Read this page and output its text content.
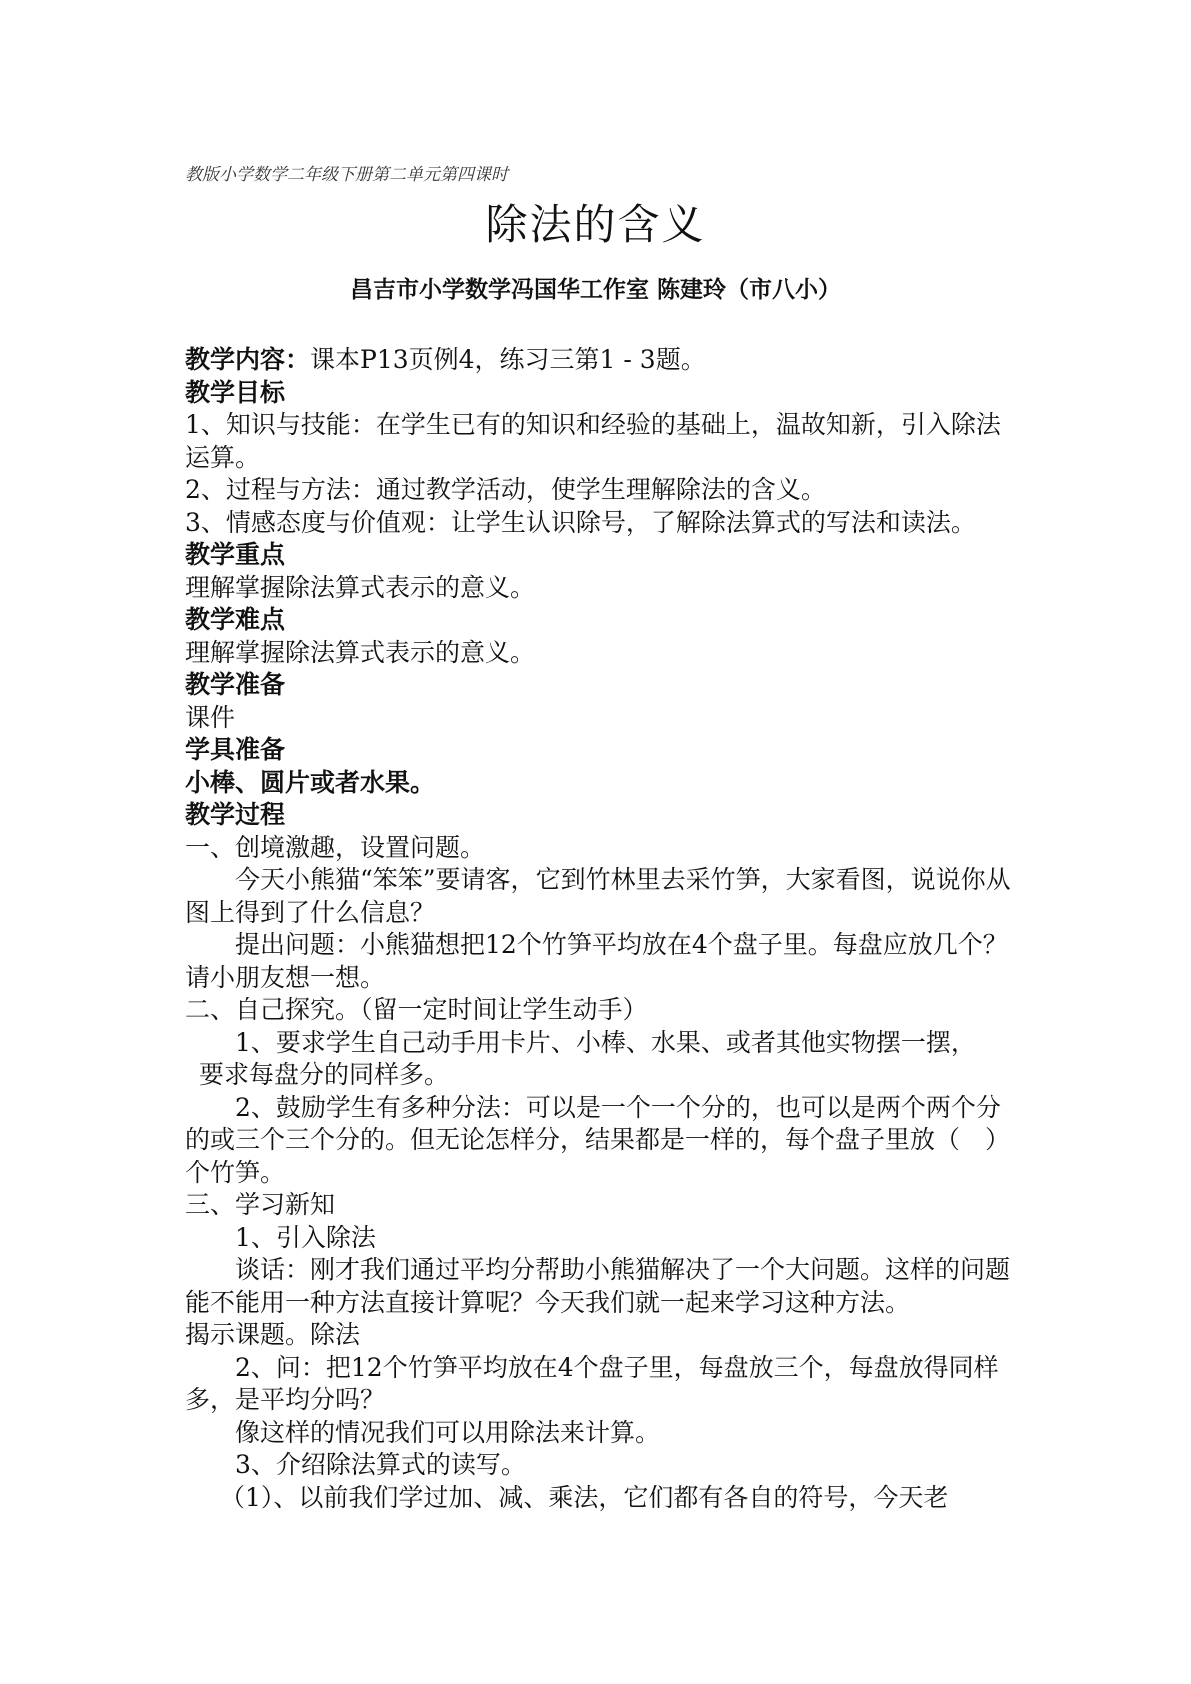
教版小学数学二年级下册第二单元第四课时
除法的含义
昌吉市小学数学冯国华工作室 陈建玲（市八小）

教学内容：课本P13页例4，练习三第1 - 3题。

教学目标

1、知识与技能：在学生已有的知识和经验的基础上，温故知新，引入除法运算。

2、过程与方法：通过教学活动，使学生理解除法的含义。

3、情感态度与价值观：让学生认识除号，了解除法算式的写法和读法。

教学重点

理解掌握除法算式表示的意义。

教学难点

理解掌握除法算式表示的意义。

教学准备

课件

学具准备

小棒、圆片或者水果。

教学过程

一、创境激趣，设置问题。

今天小熊猫“笨笨”要请客，它到竹林里去采竹笋，大家看图，说说你从图上得到了什么信息？

提出问题：小熊猫想把12个竹笋平均放在4个盘子里。每盘应放几个？请小朋友想一想。

二、自己探究。（留一定时间让学生动手）

1、要求学生自己动手用卡片、小棒、水果、或者其他实物摆一摆，

要求每盘分的同样多。

2、鼓励学生有多种分法：可以是一个一个分的，也可以是两个两个分的或三个三个分的。但无论怎样分，结果都是一样的，每个盘子里放（　）个竹笋。

三、学习新知

1、引入除法

谈话：刚才我们通过平均分帮助小熊猫解决了一个大问题。这样的问题能不能用一种方法直接计算呢？今天我们就一起来学习这种方法。

揭示课题。除法

2、问：把12个竹笋平均放在4个盘子里，每盘放三个，每盘放得同样多，是平均分吗？

像这样的情况我们可以用除法来计算。

3、介绍除法算式的读写。

（1）、以前我们学过加、减、乘法，它们都有各自的符号，今天老
